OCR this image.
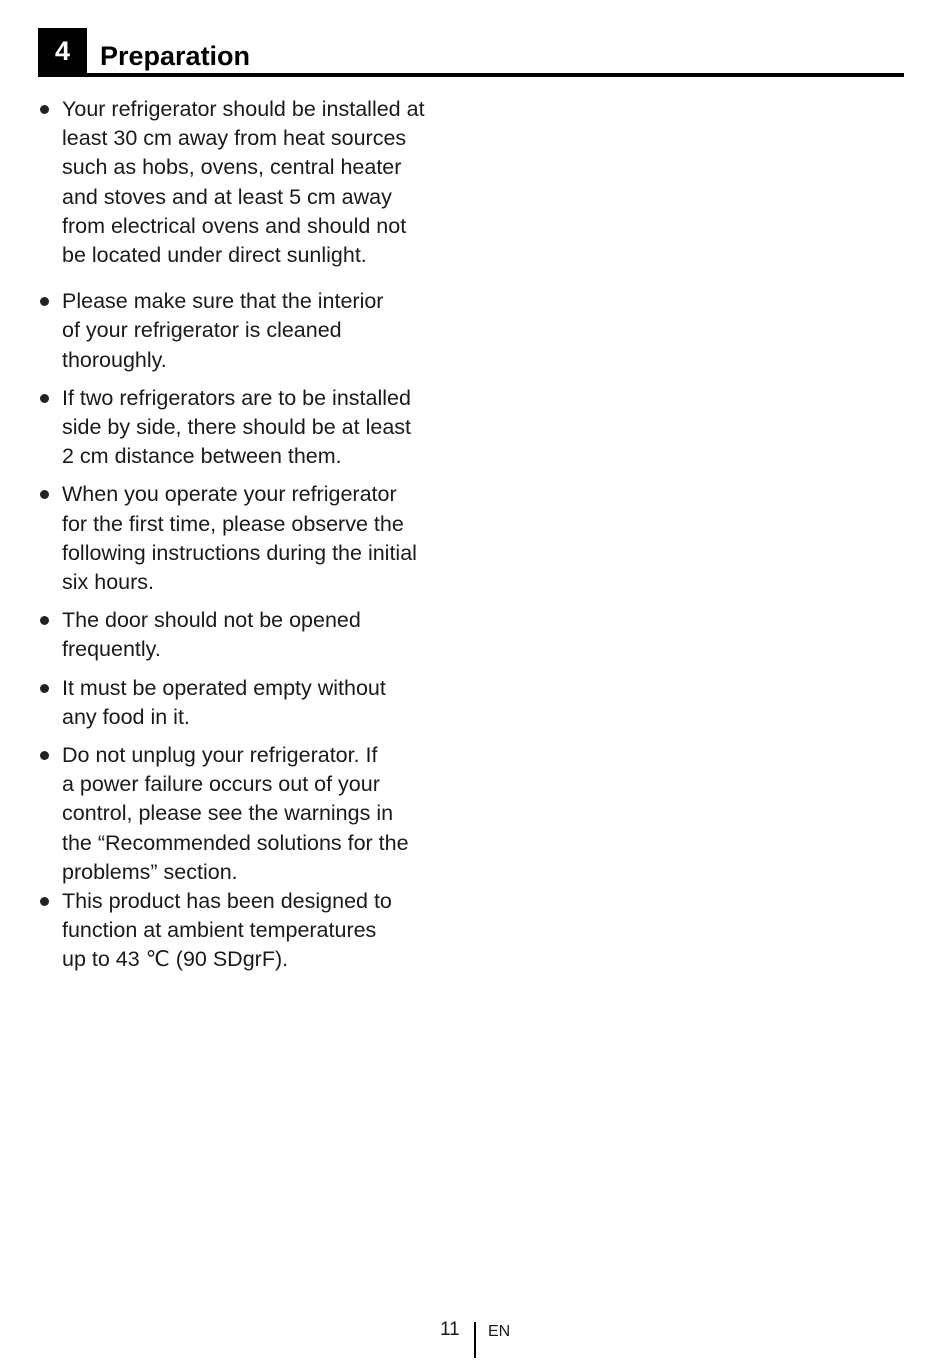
4	Preparation
Your refrigerator should be installed at
least 30 cm away from heat sources
such as hobs, ovens, central heater
and stoves and at least 5 cm away
from electrical ovens and should not
be located under direct sunlight.
Please make sure that the interior
of your refrigerator is cleaned
thoroughly.
If two refrigerators are to be installed
side by side, there should be at least
2 cm distance between them.
When you operate your refrigerator
for the first time, please observe the
following instructions during the initial
six hours.
The door should not be opened
frequently.
It must be operated empty without
any food in it.
Do not unplug your refrigerator. If
a power failure occurs out of your
control, please see the warnings in
the “Recommended solutions for the
problems” section.
This product has been designed to
function at ambient temperatures
up to 43 ℃ (90 SDgrF).
11 EN
